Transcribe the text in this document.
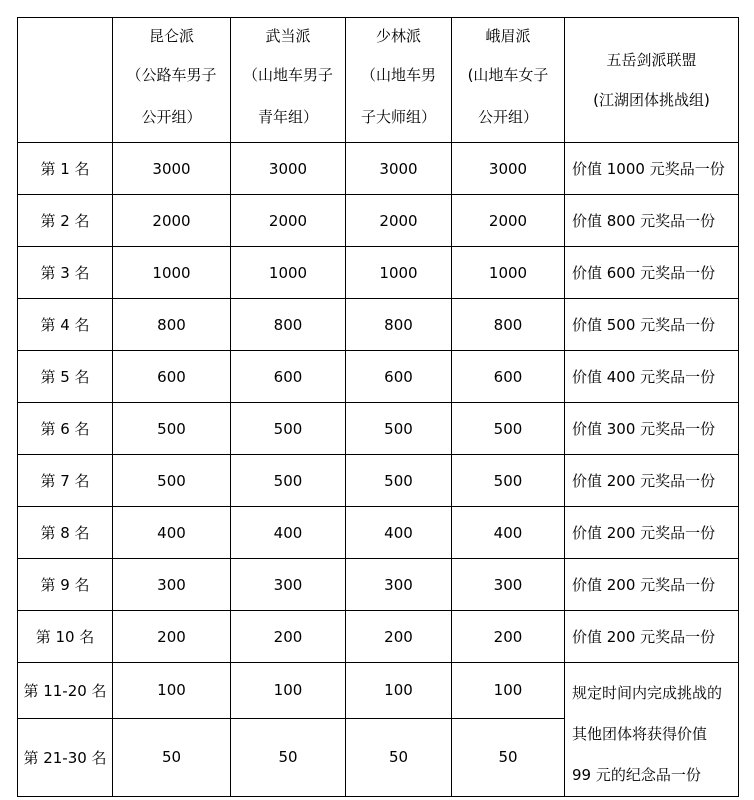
	昆仑派
（公路车男子
公开组）	武当派
（山地车男子
青年组）	少林派
（山地车男
子大师组）	峨眉派
(山地车女子
公开组）	五岳剑派联盟
(江湖团体挑战组)

第 1 名	3000	3000	3000	3000	价值 1000 元奖品一份
第 2 名	2000	2000	2000	2000	价值 800 元奖品一份
第 3 名	1000	1000	1000	1000	价值 600 元奖品一份
第 4 名	800	800	800	800	价值 500 元奖品一份
第 5 名	600	600	600	600	价值 400 元奖品一份
第 6 名	500	500	500	500	价值 300 元奖品一份
第 7 名	500	500	500	500	价值 200 元奖品一份
第 8 名	400	400	400	400	价值 200 元奖品一份
第 9 名	300	300	300	300	价值 200 元奖品一份
第 10 名	200	200	200	200	价值 200 元奖品一份
第 11-20 名	100	100	100	100	规定时间内完成挑战的
其他团体将获得价值
99 元的纪念品一份

第 21-30 名	50	50	50	50	
